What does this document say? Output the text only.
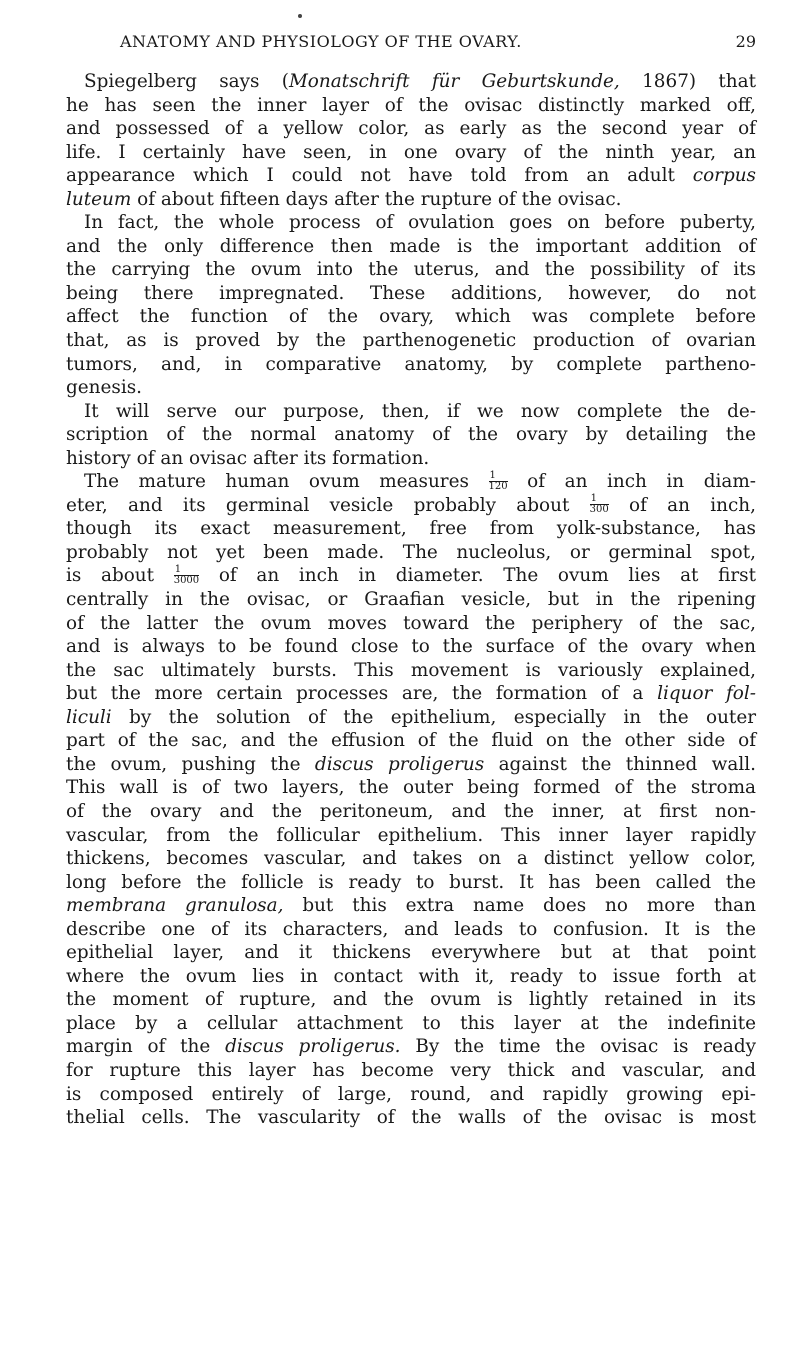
ANATOMY AND PHYSIOLOGY OF THE OVARY.	29
Spiegelberg says (Monatschrift für Geburtskunde, 1867) that
he has seen the inner layer of the ovisac distinctly marked off,
and possessed of a yellow color, as early as the second year of
life. I certainly have seen, in one ovary of the ninth year, an
appearance which I could not have told from an adult corpus
luteum of about fifteen days after the rupture of the ovisac.
In fact, the whole process of ovulation goes on before puberty,
and the only difference then made is the important addition of
the carrying the ovum into the uterus, and the possibility of its
being there impregnated. These additions, however, do not
affect the function of the ovary, which was complete before
that, as is proved by the parthenogenetic production of ovarian
tumors, and, in comparative anatomy, by complete partheno-
genesis.
It will serve our purpose, then, if we now complete the de-
scription of the normal anatomy of the ovary by detailing the
history of an ovisac after its formation.
The mature human ovum measures $\frac{1}{120}$ of an inch in diam-
eter, and its germinal vesicle probably about $\frac{1}{300}$ of an inch,
though its exact measurement, free from yolk-substance, has
probably not yet been made. The nucleolus, or germinal spot,
is about $\frac{1}{3000}$ of an inch in diameter. The ovum lies at first
centrally in the ovisac, or Graafian vesicle, but in the ripening
of the latter the ovum moves toward the periphery of the sac,
and is always to be found close to the surface of the ovary when
the sac ultimately bursts. This movement is variously explained,
but the more certain processes are, the formation of a liquor fol-
liculi by the solution of the epithelium, especially in the outer
part of the sac, and the effusion of the fluid on the other side of
the ovum, pushing the discus proligerus against the thinned wall.
This wall is of two layers, the outer being formed of the stroma
of the ovary and the peritoneum, and the inner, at first non-
vascular, from the follicular epithelium. This inner layer rapidly
thickens, becomes vascular, and takes on a distinct yellow color,
long before the follicle is ready to burst. It has been called the
membrana granulosa, but this extra name does no more than
describe one of its characters, and leads to confusion. It is the
epithelial layer, and it thickens everywhere but at that point
where the ovum lies in contact with it, ready to issue forth at
the moment of rupture, and the ovum is lightly retained in its
place by a cellular attachment to this layer at the indefinite
margin of the discus proligerus. By the time the ovisac is ready
for rupture this layer has become very thick and vascular, and
is composed entirely of large, round, and rapidly growing epi-
thelial cells. The vascularity of the walls of the ovisac is most
